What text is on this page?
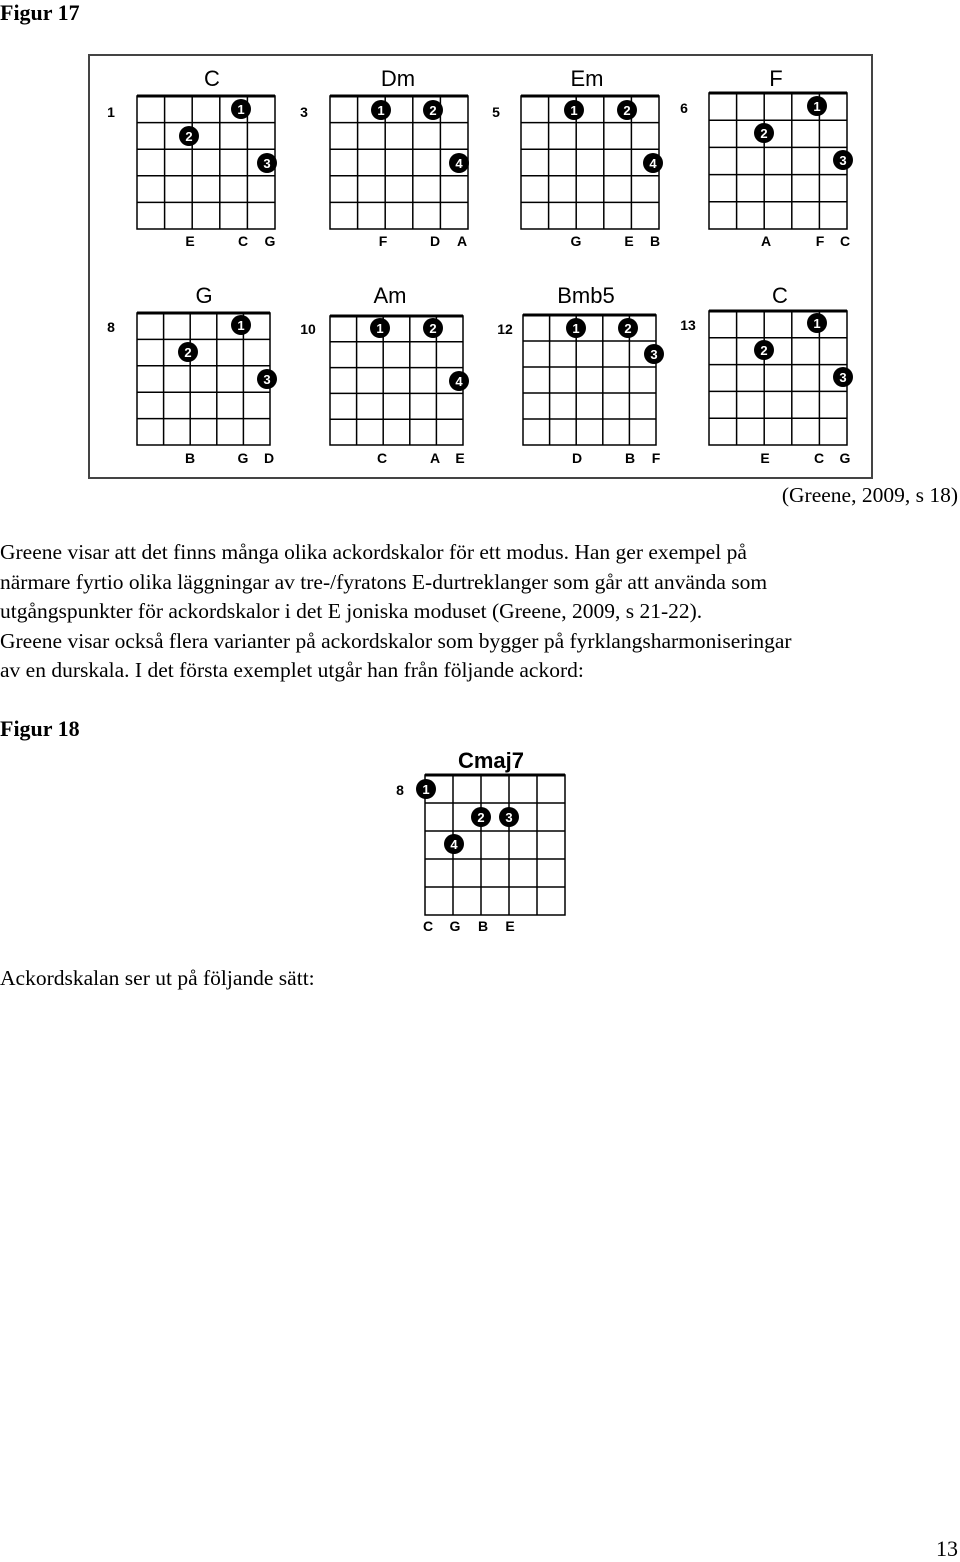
Figur 17
C
1	1
2
3
E	C G
Dm
3	1	2
4
F	D A
Em
5	1	2
4
G	E B
F
6	1
2
3
A	F C
G
8	1
2
3
B	G D
Am
10	1	2
4
C	A E
Bmb5
12	1	2
3
D	B F
C
13	1
2
3
E	C G
(Greene, 2009, s 18)
Greene visar att det finns många olika ackordskalor för ett modus. Han ger exempel på
närmare fyrtio olika läggningar av tre-/fyratons E-durtreklanger som går att använda som
utgångspunkter för ackordskalor i det E joniska moduset (Greene, 2009, s 21-22).
Greene visar också flera varianter på ackordskalor som bygger på fyrklangsharmoniseringar
av en durskala. I det första exemplet utgår han från följande ackord:
Figur 18
Cmaj7
8 1
2 3
4
C G B E
Ackordskalan ser ut på följande sätt:
13
